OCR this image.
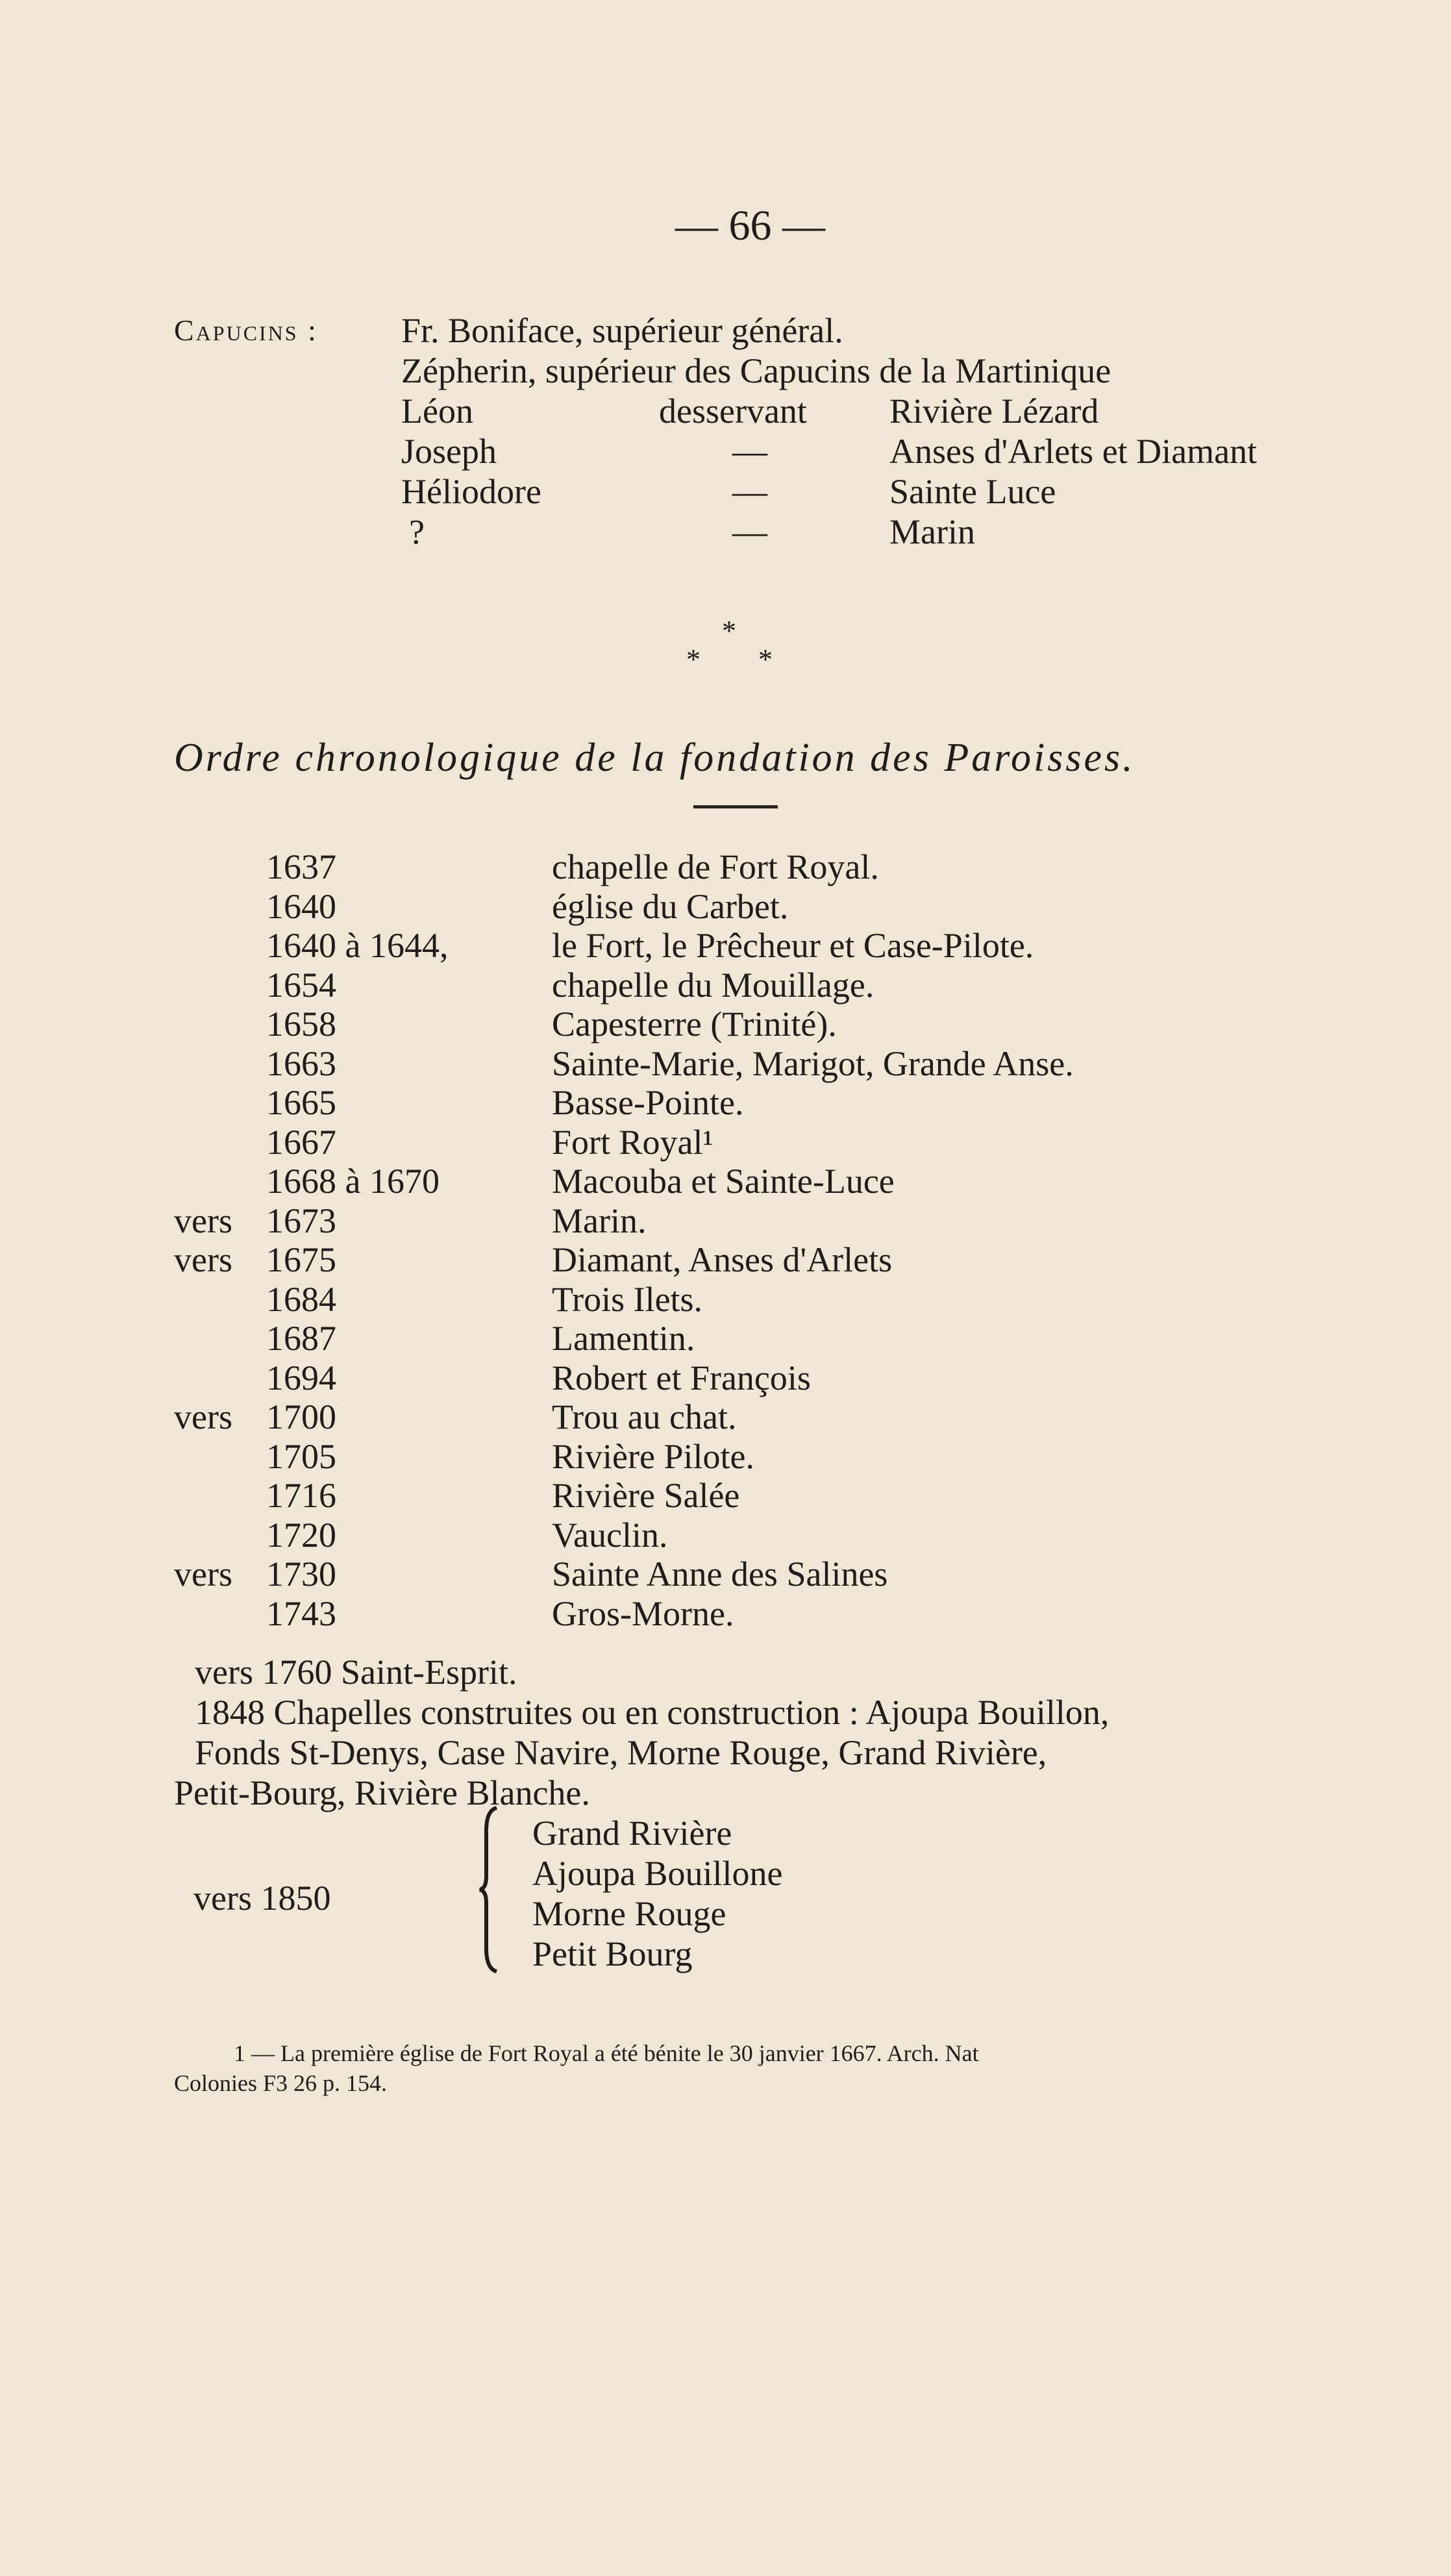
— 66 —
Capucins : Fr. Boniface, supérieur général.
Zépherin, supérieur des Capucins de la Martinique
Léon	desservant Rivière Lézard
Joseph	—	Anses d'Arlets et Diamant
Héliodore	—	Sainte Luce
?	—	Marin
*
* *
Ordre chronologique de la fondation des Paroisses.
1637	chapelle de Fort Royal.
1640	église du Carbet.
1640 à 1644,	le Fort, le Prêcheur et Case-Pilote.
1654	chapelle du Mouillage.
1658	Capesterre (Trinité).
1663	Sainte-Marie, Marigot, Grande Anse.
1665	Basse-Pointe.
1667	Fort Royal¹
1668 à 1670	Macouba et Sainte-Luce
vers 1673	Marin.
vers 1675	Diamant, Anses d'Arlets
1684	Trois Ilets.
1687	Lamentin.
1694	Robert et François
vers 1700	Trou au chat.
1705	Rivière Pilote.
1716	Rivière Salée
1720	Vauclin.
vers 1730	Sainte Anne des Salines
1743	Gros-Morne.
vers 1760 Saint-Esprit.
1848 Chapelles construites ou en construction : Ajoupa Bouillon,
Fonds St-Denys, Case Navire, Morne Rouge, Grand Rivière,
Petit-Bourg, Rivière Blanche.
vers 1850
Grand Rivière
Ajoupa Bouillone
Morne Rouge
Petit Bourg
1 — La première église de Fort Royal a été bénite le 30 janvier 1667. Arch. Nat
Colonies F3 26 p. 154.
